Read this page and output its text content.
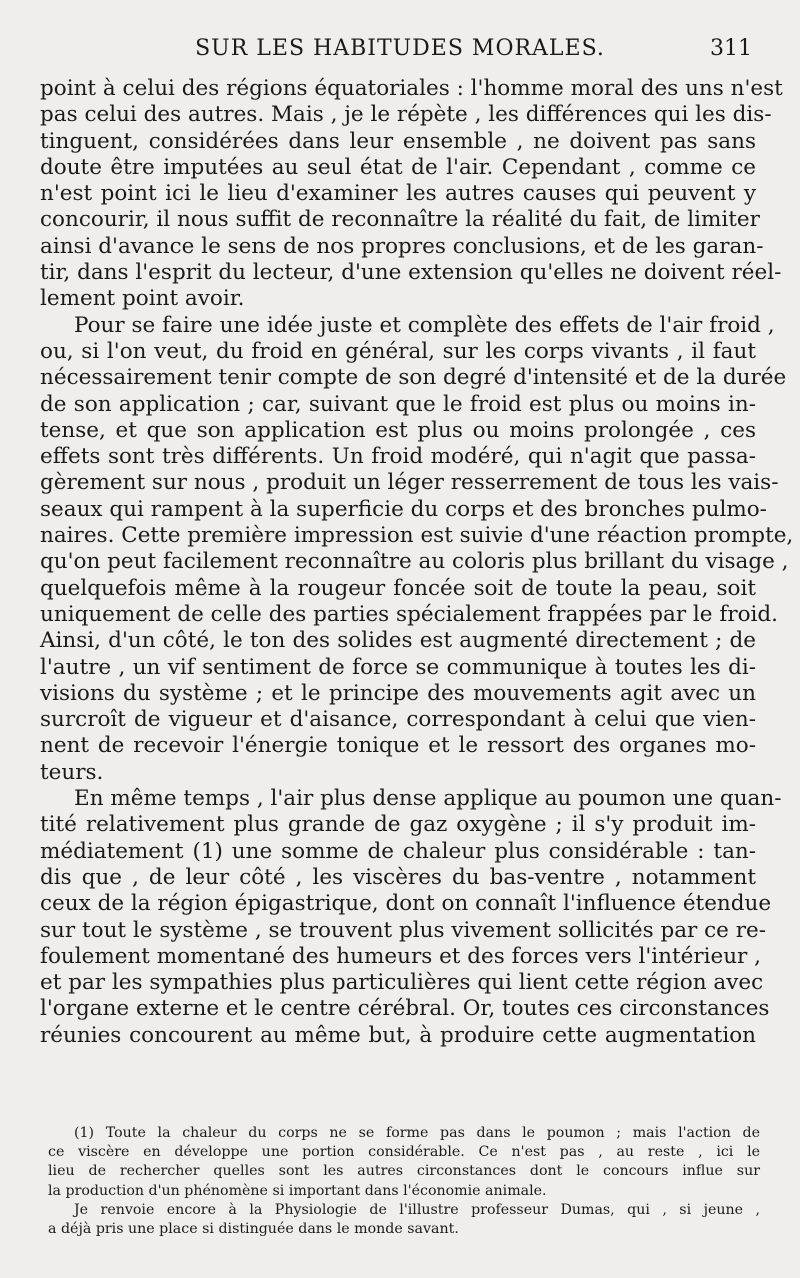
SUR LES HABITUDES MORALES.	311
point à celui des régions équatoriales : l'homme moral des uns n'est
pas celui des autres. Mais , je le répète , les différences qui les dis-
tinguent, considérées dans leur ensemble , ne doivent pas sans
doute être imputées au seul état de l'air. Cependant , comme ce
n'est point ici le lieu d'examiner les autres causes qui peuvent y
concourir, il nous suffit de reconnaître la réalité du fait, de limiter
ainsi d'avance le sens de nos propres conclusions, et de les garan-
tir, dans l'esprit du lecteur, d'une extension qu'elles ne doivent réel-
lement point avoir.
Pour se faire une idée juste et complète des effets de l'air froid ,
ou, si l'on veut, du froid en général, sur les corps vivants , il faut
nécessairement tenir compte de son degré d'intensité et de la durée
de son application ; car, suivant que le froid est plus ou moins in-
tense, et que son application est plus ou moins prolongée , ces
effets sont très différents. Un froid modéré, qui n'agit que passa-
gèrement sur nous , produit un léger resserrement de tous les vais-
seaux qui rampent à la superficie du corps et des bronches pulmo-
naires. Cette première impression est suivie d'une réaction prompte,
qu'on peut facilement reconnaître au coloris plus brillant du visage ,
quelquefois même à la rougeur foncée soit de toute la peau, soit
uniquement de celle des parties spécialement frappées par le froid.
Ainsi, d'un côté, le ton des solides est augmenté directement ; de
l'autre , un vif sentiment de force se communique à toutes les di-
visions du système ; et le principe des mouvements agit avec un
surcroît de vigueur et d'aisance, correspondant à celui que vien-
nent de recevoir l'énergie tonique et le ressort des organes mo-
teurs.
En même temps , l'air plus dense applique au poumon une quan-
tité relativement plus grande de gaz oxygène ; il s'y produit im-
médiatement (1) une somme de chaleur plus considérable : tan-
dis que , de leur côté , les viscères du bas-ventre , notamment
ceux de la région épigastrique, dont on connaît l'influence étendue
sur tout le système , se trouvent plus vivement sollicités par ce re-
foulement momentané des humeurs et des forces vers l'intérieur ,
et par les sympathies plus particulières qui lient cette région avec
l'organe externe et le centre cérébral. Or, toutes ces circonstances
réunies concourent au même but, à produire cette augmentation
(1) Toute la chaleur du corps ne se forme pas dans le poumon ; mais l'action de
ce viscère en développe une portion considérable. Ce n'est pas , au reste , ici le
lieu de rechercher quelles sont les autres circonstances dont le concours influe sur
la production d'un phénomène si important dans l'économie animale.
Je renvoie encore à la Physiologie de l'illustre professeur Dumas, qui , si jeune ,
a déjà pris une place si distinguée dans le monde savant.
